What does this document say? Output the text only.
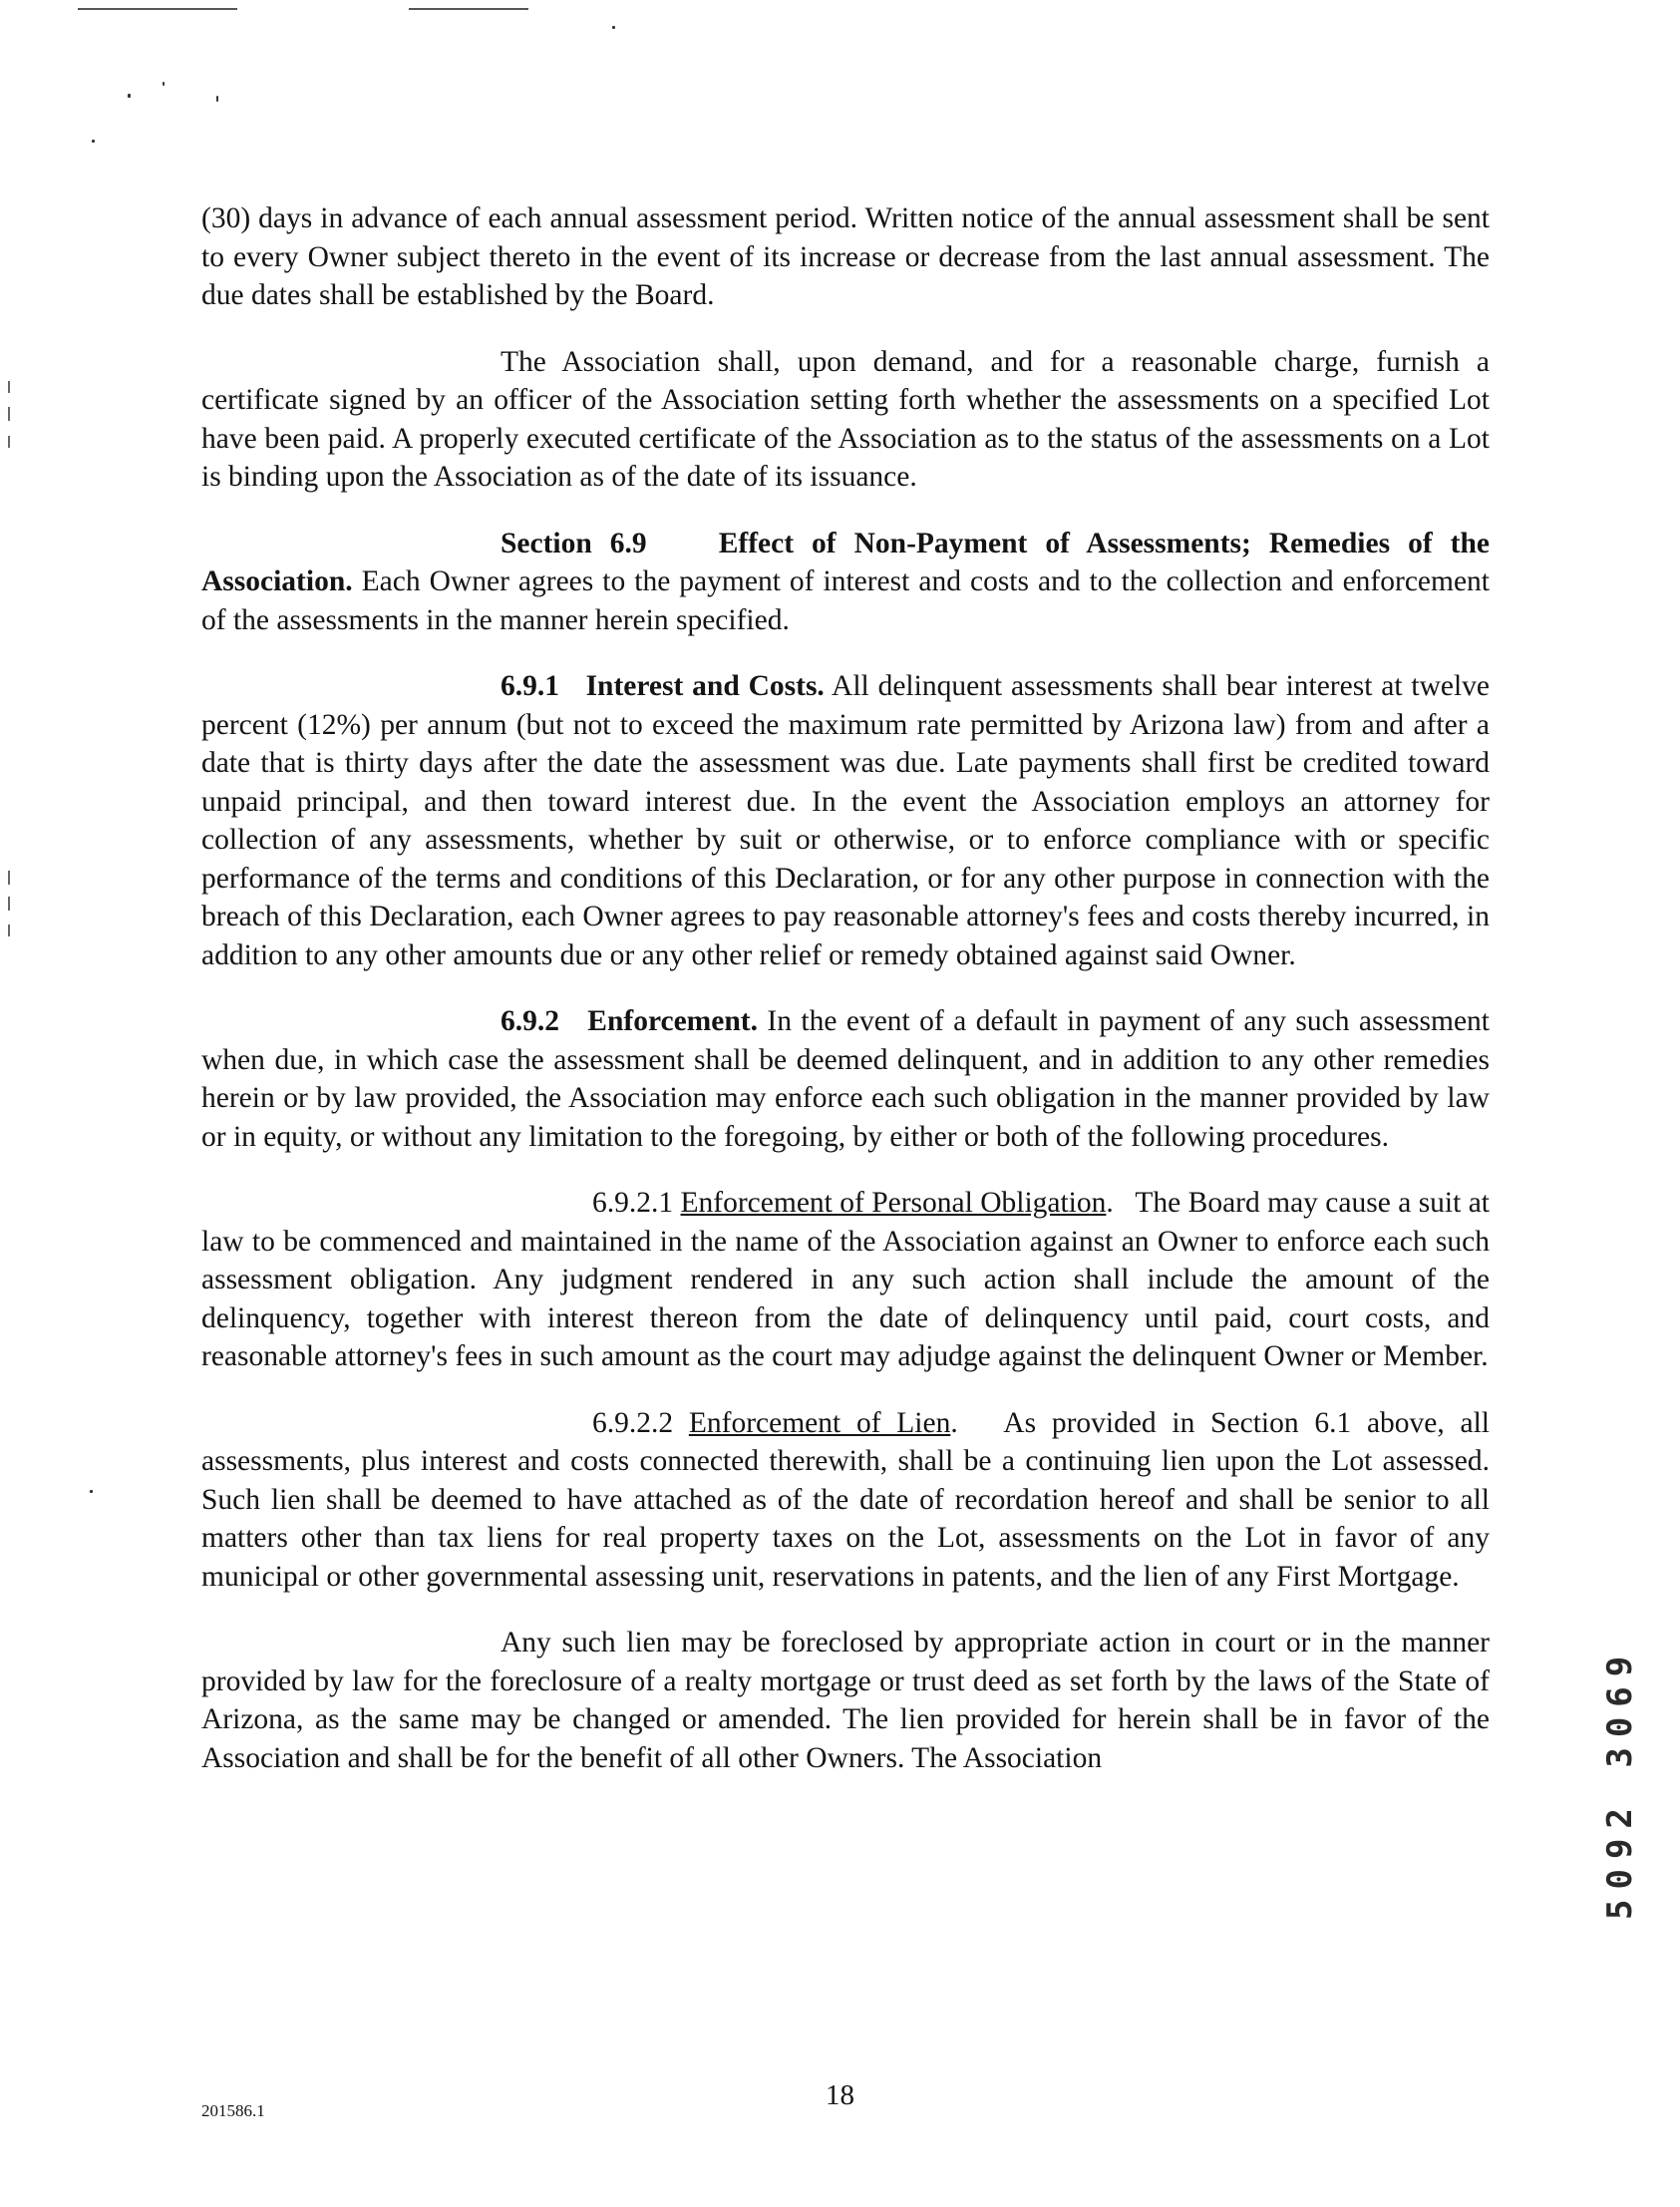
(30) days in advance of each annual assessment period. Written notice of the annual assessment shall be sent to every Owner subject thereto in the event of its increase or decrease from the last annual assessment. The due dates shall be established by the Board.

The Association shall, upon demand, and for a reasonable charge, furnish a certificate signed by an officer of the Association setting forth whether the assessments on a specified Lot have been paid. A properly executed certificate of the Association as to the status of the assessments on a Lot is binding upon the Association as of the date of its issuance.

Section 6.9 Effect of Non-Payment of Assessments; Remedies of the Association. Each Owner agrees to the payment of interest and costs and to the collection and enforcement of the assessments in the manner herein specified.

6.9.1 Interest and Costs. All delinquent assessments shall bear interest at twelve percent (12%) per annum (but not to exceed the maximum rate permitted by Arizona law) from and after a date that is thirty days after the date the assessment was due. Late payments shall first be credited toward unpaid principal, and then toward interest due. In the event the Association employs an attorney for collection of any assessments, whether by suit or otherwise, or to enforce compliance with or specific performance of the terms and conditions of this Declaration, or for any other purpose in connection with the breach of this Declaration, each Owner agrees to pay reasonable attorney's fees and costs thereby incurred, in addition to any other amounts due or any other relief or remedy obtained against said Owner.

6.9.2 Enforcement. In the event of a default in payment of any such assessment when due, in which case the assessment shall be deemed delinquent, and in addition to any other remedies herein or by law provided, the Association may enforce each such obligation in the manner provided by law or in equity, or without any limitation to the foregoing, by either or both of the following procedures.

6.9.2.1 Enforcement of Personal Obligation.   The Board may cause a suit at law to be commenced and maintained in the name of the Association against an Owner to enforce each such assessment obligation. Any judgment rendered in any such action shall include the amount of the delinquency, together with interest thereon from the date of delinquency until paid, court costs, and reasonable attorney's fees in such amount as the court may adjudge against the delinquent Owner or Member.

6.9.2.2 Enforcement of Lien.   As provided in Section 6.1 above, all assessments, plus interest and costs connected therewith, shall be a continuing lien upon the Lot assessed. Such lien shall be deemed to have attached as of the date of recordation hereof and shall be senior to all matters other than tax liens for real property taxes on the Lot, assessments on the Lot in favor of any municipal or other governmental assessing unit, reservations in patents, and the lien of any First Mortgage.

Any such lien may be foreclosed by appropriate action in court or in the manner provided by law for the foreclosure of a realty mortgage or trust deed as set forth by the laws of the State of Arizona, as the same may be changed or amended. The lien provided for herein shall be in favor of the Association and shall be for the benefit of all other Owners. The Association

201586.1	18
5092 3069
